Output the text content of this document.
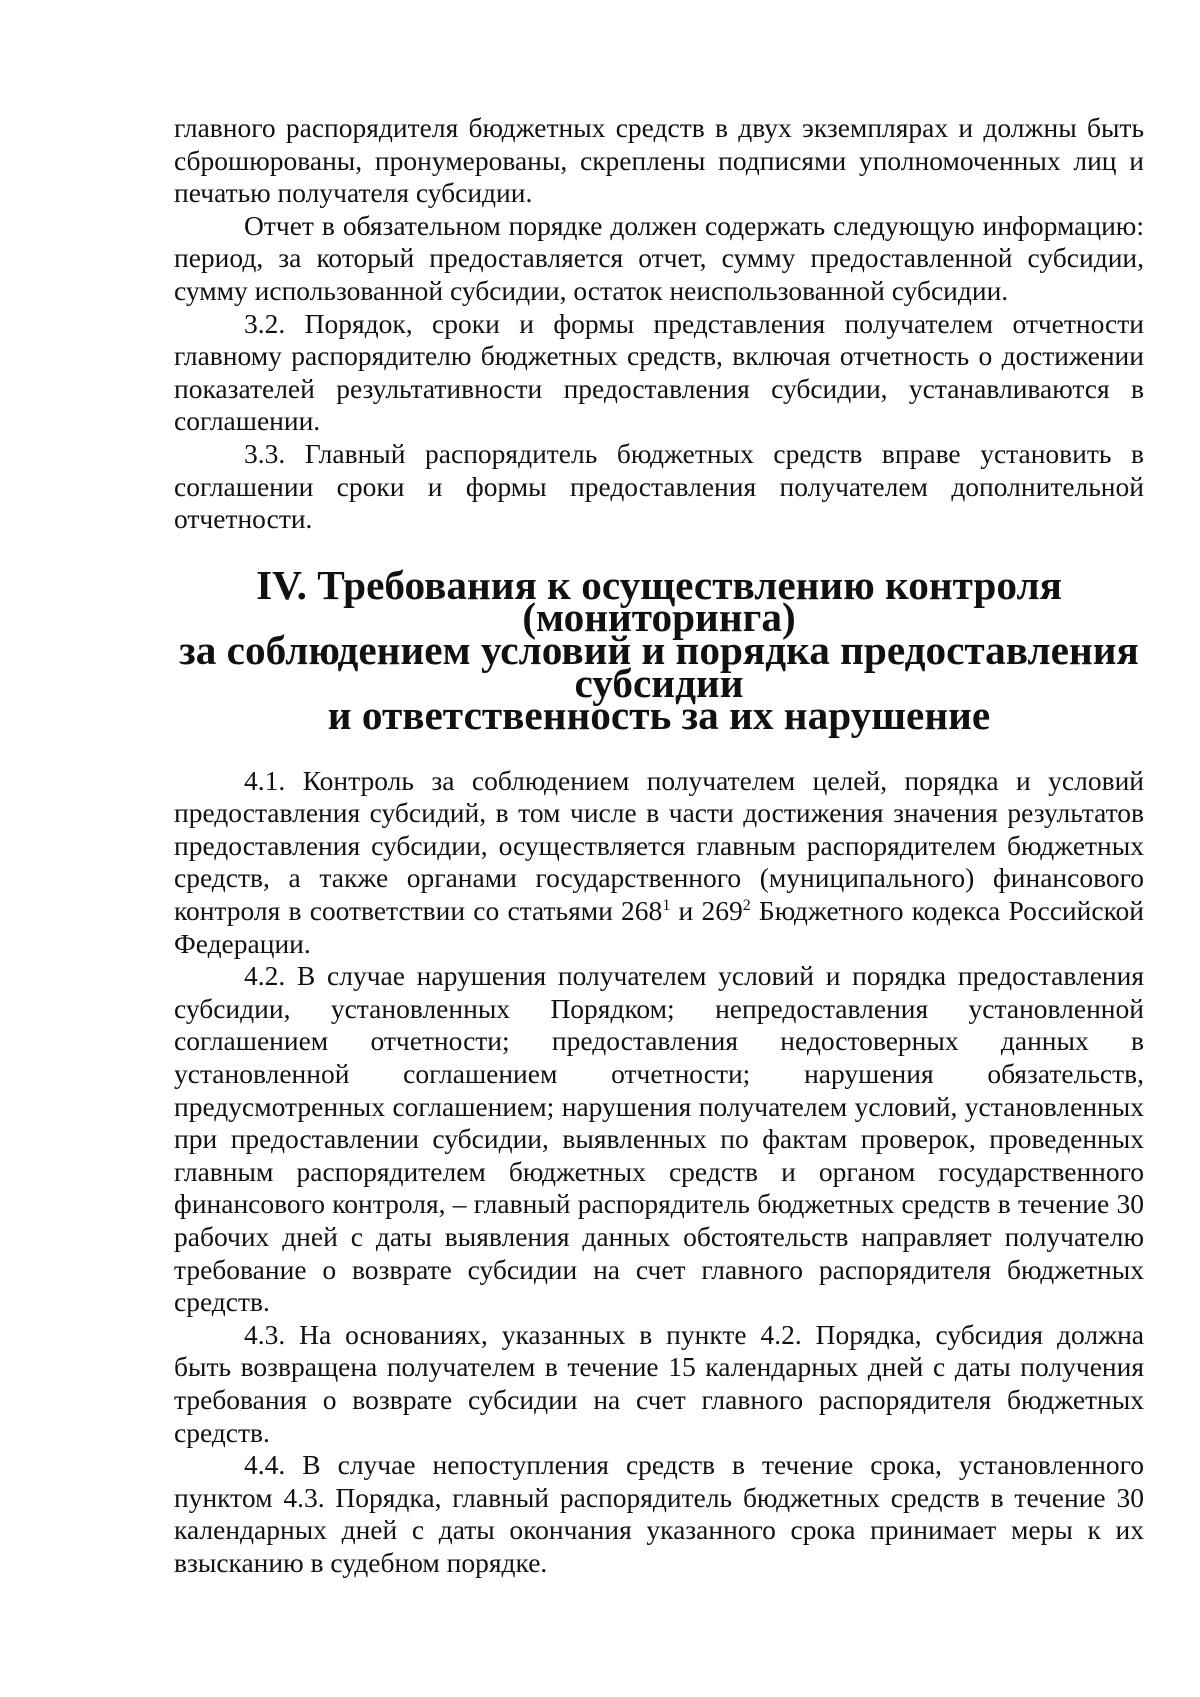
главного распорядителя бюджетных средств в двух экземплярах и должны быть сброшюрованы, пронумерованы, скреплены подписями уполномоченных лиц и печатью получателя субсидии.

Отчет в обязательном порядке должен содержать следующую информацию: период, за который предоставляется отчет, сумму предоставленной субсидии, сумму использованной субсидии, остаток неиспользованной субсидии.

3.2. Порядок, сроки и формы представления получателем отчетности главному распорядителю бюджетных средств, включая отчетность о достижении показателей результативности предоставления субсидии, устанавливаются в соглашении.

3.3. Главный распорядитель бюджетных средств вправе установить в соглашении сроки и формы предоставления получателем дополнительной отчетности.

IV. Требования к осуществлению контроля (мониторинга)
за соблюдением условий и порядка предоставления субсидии
и ответственность за их нарушение

4.1. Контроль за соблюдением получателем целей, порядка и условий предоставления субсидий, в том числе в части достижения значения результатов предоставления субсидии, осуществляется главным распорядителем бюджетных средств, а также органами государственного (муниципального) финансового контроля в соответствии со статьями $268^1$ и $269^2$ Бюджетного кодекса Российской Федерации.

4.2. В случае нарушения получателем условий и порядка предоставления субсидии, установленных Порядком; непредоставления установленной соглашением отчетности; предоставления недостоверных данных в установленной соглашением отчетности; нарушения обязательств, предусмотренных соглашением; нарушения получателем условий, установленных при предоставлении субсидии, выявленных по фактам проверок, проведенных главным распорядителем бюджетных средств и органом государственного финансового контроля, – главный распорядитель бюджетных средств в течение 30 рабочих дней с даты выявления данных обстоятельств направляет получателю требование о возврате субсидии на счет главного распорядителя бюджетных средств.

4.3. На основаниях, указанных в пункте 4.2. Порядка, субсидия должна быть возвращена получателем в течение 15 календарных дней с даты получения требования о возврате субсидии на счет главного распорядителя бюджетных средств.

4.4. В случае непоступления средств в течение срока, установленного пунктом 4.3. Порядка, главный распорядитель бюджетных средств в течение 30 календарных дней с даты окончания указанного срока принимает меры к их взысканию в судебном порядке.
